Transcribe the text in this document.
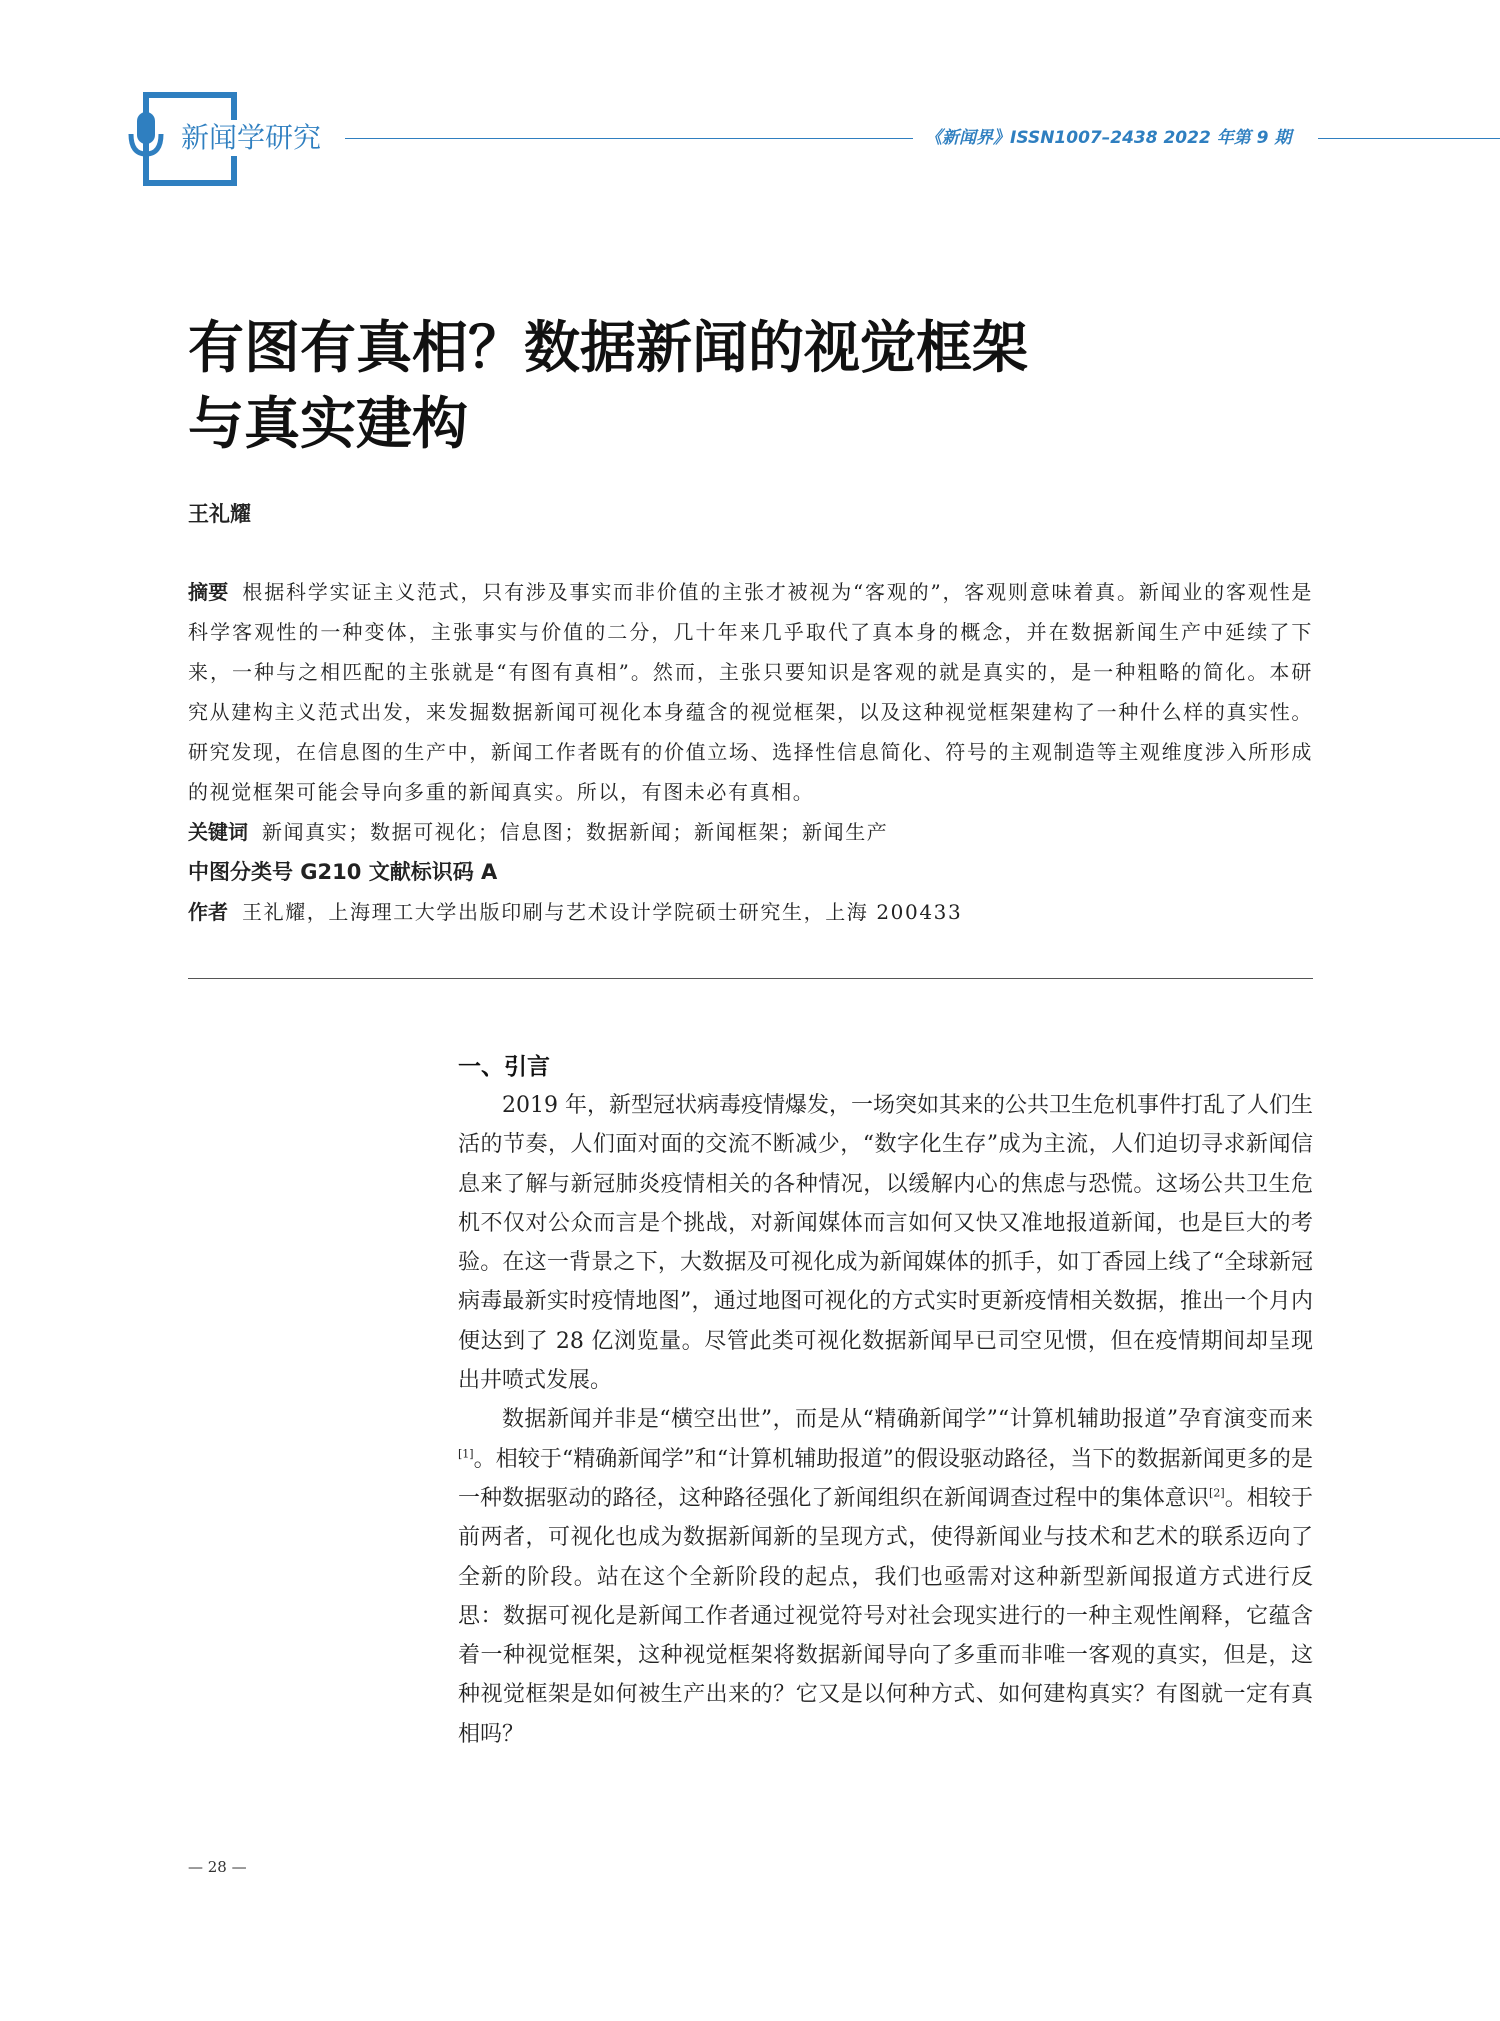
新闻学研究	《新闻界》ISSN1007–2438 2022 年第 9 期
有图有真相？数据新闻的视觉框架
与真实建构
王礼耀

摘要 根据科学实证主义范式，只有涉及事实而非价值的主张才被视为“客观的”，客观则意味着真。新闻业的客观性是科学客观性的一种变体，主张事实与价值的二分，几十年来几乎取代了真本身的概念，并在数据新闻生产中延续了下来，一种与之相匹配的主张就是“有图有真相”。然而，主张只要知识是客观的就是真实的，是一种粗略的简化。本研究从建构主义范式出发，来发掘数据新闻可视化本身蕴含的视觉框架，以及这种视觉框架建构了一种什么样的真实性。研究发现，在信息图的生产中，新闻工作者既有的价值立场、选择性信息简化、符号的主观制造等主观维度涉入所形成的视觉框架可能会导向多重的新闻真实。所以，有图未必有真相。

关键词 新闻真实；数据可视化；信息图；数据新闻；新闻框架；新闻生产

中图分类号 G210 文献标识码 A

作者 王礼耀，上海理工大学出版印刷与艺术设计学院硕士研究生，上海 200433

一、引言

2019 年，新型冠状病毒疫情爆发，一场突如其来的公共卫生危机事件打乱了人们生活的节奏，人们面对面的交流不断减少，“数字化生存”成为主流，人们迫切寻求新闻信息来了解与新冠肺炎疫情相关的各种情况，以缓解内心的焦虑与恐慌。这场公共卫生危机不仅对公众而言是个挑战，对新闻媒体而言如何又快又准地报道新闻，也是巨大的考验。在这一背景之下，大数据及可视化成为新闻媒体的抓手，如丁香园上线了“全球新冠病毒最新实时疫情地图”，通过地图可视化的方式实时更新疫情相关数据，推出一个月内便达到了 28 亿浏览量。尽管此类可视化数据新闻早已司空见惯，但在疫情期间却呈现出井喷式发展。

数据新闻并非是“横空出世”，而是从“精确新闻学”“计算机辅助报道”孕育演变而来[1]。相较于“精确新闻学”和“计算机辅助报道”的假设驱动路径，当下的数据新闻更多的是一种数据驱动的路径，这种路径强化了新闻组织在新闻调查过程中的集体意识[2]。相较于前两者，可视化也成为数据新闻新的呈现方式，使得新闻业与技术和艺术的联系迈向了全新的阶段。站在这个全新阶段的起点，我们也亟需对这种新型新闻报道方式进行反思：数据可视化是新闻工作者通过视觉符号对社会现实进行的一种主观性阐释，它蕴含着一种视觉框架，这种视觉框架将数据新闻导向了多重而非唯一客观的真实，但是，这种视觉框架是如何被生产出来的？它又是以何种方式、如何建构真实？有图就一定有真相吗？

— 28 —
